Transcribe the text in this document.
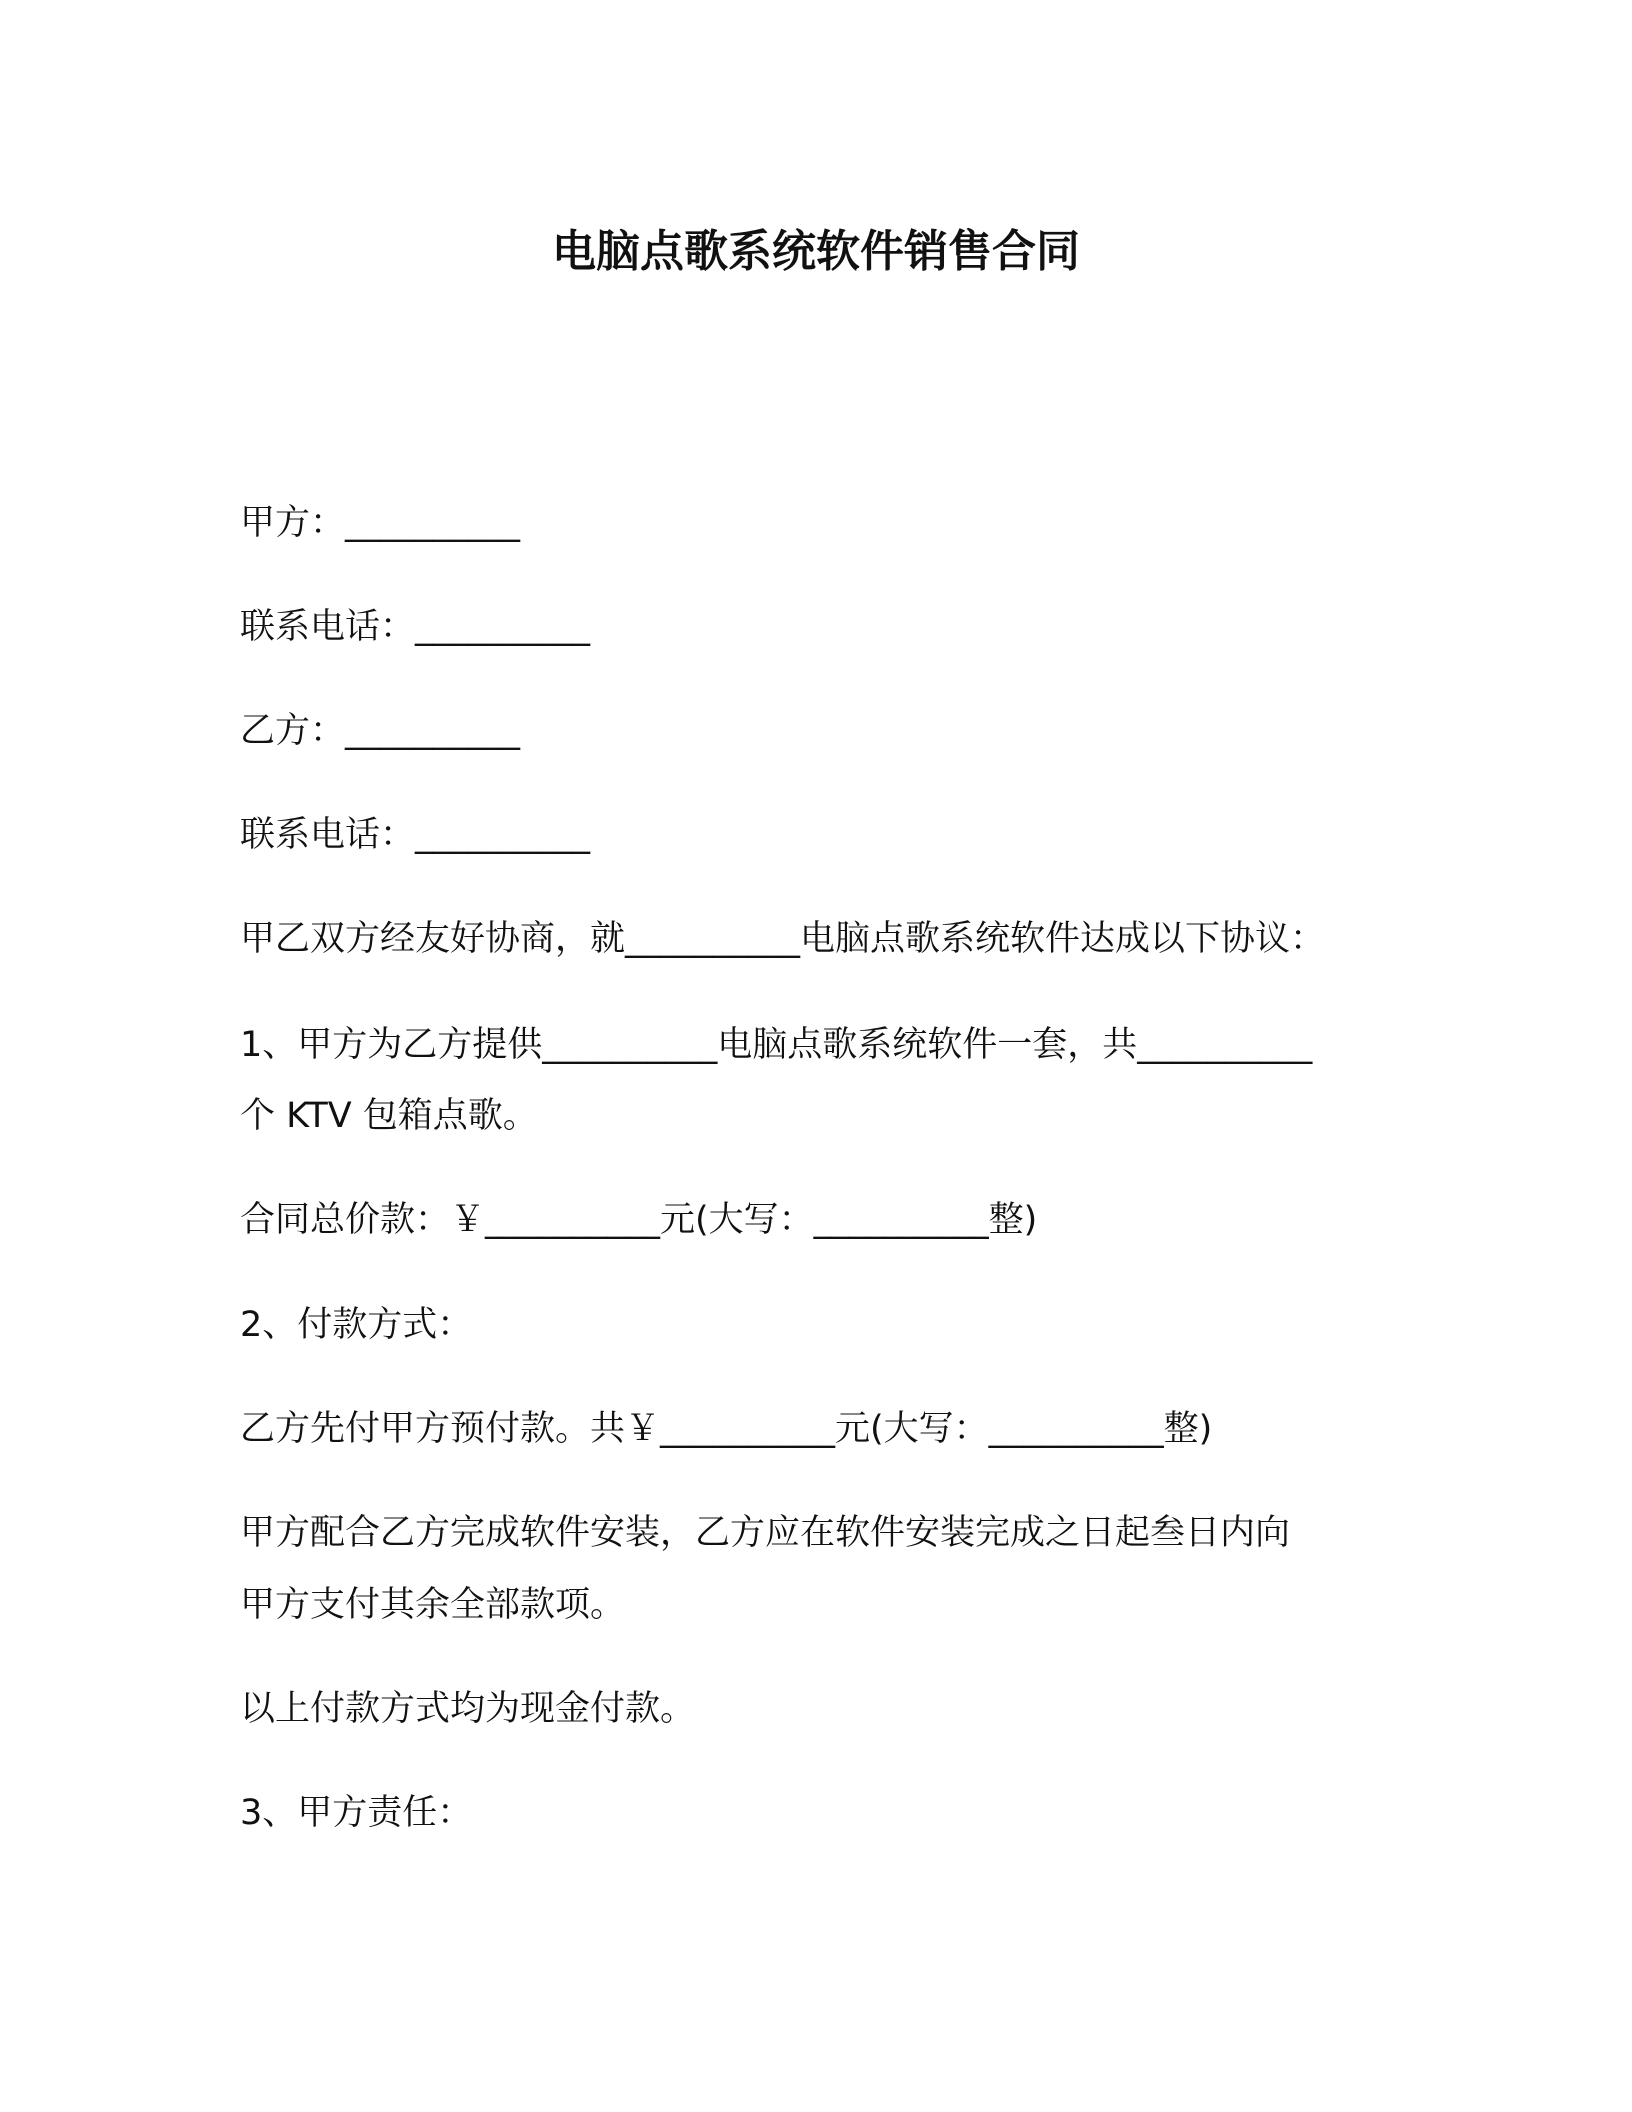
电脑点歌系统软件销售合同
甲方：__________
联系电话：__________
乙方：__________
联系电话：__________
甲乙双方经友好协商，就__________电脑点歌系统软件达成以下协议：
1、甲方为乙方提供__________电脑点歌系统软件一套，共__________
个 KTV 包箱点歌。
合同总价款：￥__________元(大写：__________整)
2、付款方式：
乙方先付甲方预付款。共￥__________元(大写：__________整)
甲方配合乙方完成软件安装，乙方应在软件安装完成之日起叁日内向
甲方支付其余全部款项。
以上付款方式均为现金付款。
3、甲方责任：
